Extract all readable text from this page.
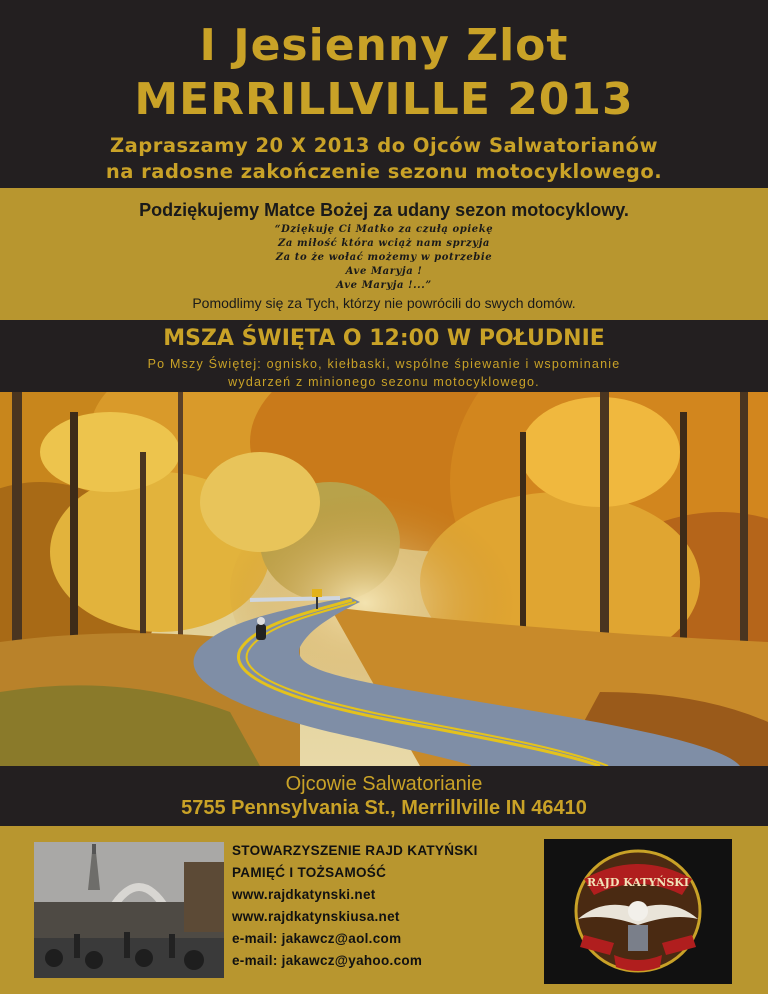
I Jesienny Zlot
MERRILLVILLE 2013
Zapraszamy 20 X 2013 do Ojców Salwatorianów
na radosne zakończenie sezonu motocyklowego.
Podziękujemy Matce Bożej za udany sezon motocyklowy.
“Dziękuję Ci Matko za czułą opiekę
Za miłość która wciąż nam sprzyja
Za to że wołać możemy w potrzebie
Ave Maryja !
Ave Maryja !...”
Pomodlimy się za Tych, którzy nie powrócili do swych domów.
MSZA ŚWIĘTA O 12:00 W POŁUDNIE
Po Mszy Świętej: ognisko, kiełbaski, wspólne śpiewanie i wspominanie
wydarzeń z minionego sezonu motocyklowego.
Ojcowie Salwatorianie
5755 Pennsylvania St., Merrillville IN 46410
STOWARZYSZENIE RAJD KATYŃSKI
PAMIĘĆ I TOŻSAMOŚĆ
www.rajdkatynski.net
www.rajdkatynskiusa.net
e-mail: jakawcz@aol.com
e-mail: jakawcz@yahoo.com
RAJD KATYŃSKI
